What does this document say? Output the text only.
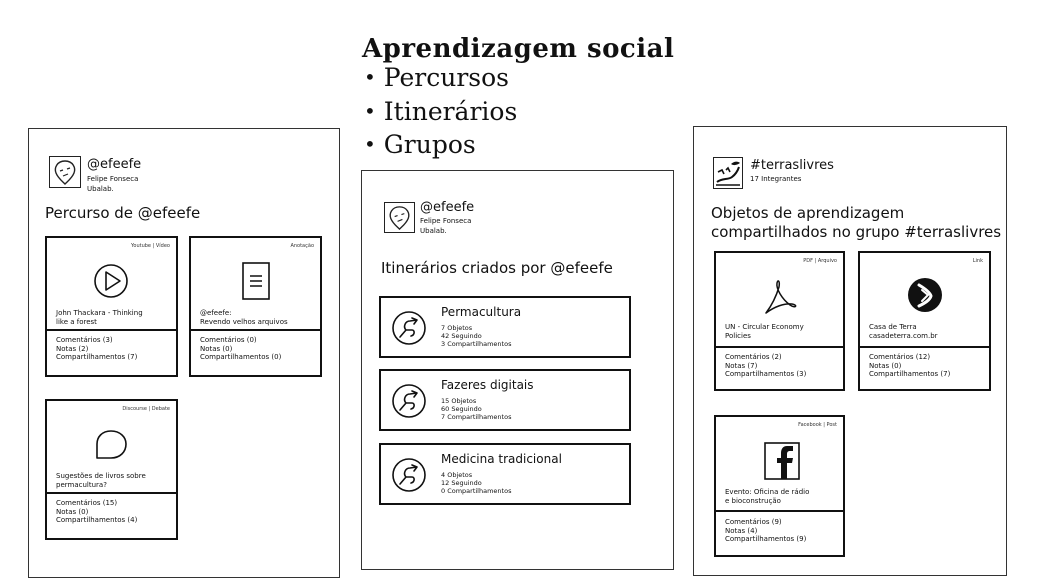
Aprendizagem social
• Percursos
• Itinerários
• Grupos
@efeefe
Felipe Fonseca
Ubalab.
Percurso de @efeefe
Youtube | Vídeo
John Thackara - Thinking
like a forest
Comentários (3)
Notas (2)
Compartilhamentos (7)
Anotação
@efeefe:
Revendo velhos arquivos
Comentários (0)
Notas (0)
Compartilhamentos (0)
Discourse | Debate
Sugestões de livros sobre
permacultura?
Comentários (15)
Notas (0)
Compartilhamentos (4)
@efeefe
Felipe Fonseca
Ubalab.
Itinerários criados por @efeefe
Permacultura
7 Objetos
42 Seguindo
3 Compartilhamentos
Fazeres digitais
15 Objetos
60 Seguindo
7 Compartilhamentos
Medicina tradicional
4 Objetos
12 Seguindo
0 Compartilhamentos
#terraslivres
17 Integrantes
Objetos de aprendizagem
compartilhados no grupo #terraslivres
PDF | Arquivo
UN - Circular Economy
Policies
Comentários (2)
Notas (7)
Compartilhamentos (3)
Link
Casa de Terra
casadeterra.com.br
Comentários (12)
Notas (0)
Compartilhamentos (7)
Facebook | Post
Evento: Oficina de rádio
e bioconstrução
Comentários (9)
Notas (4)
Compartilhamentos (9)
